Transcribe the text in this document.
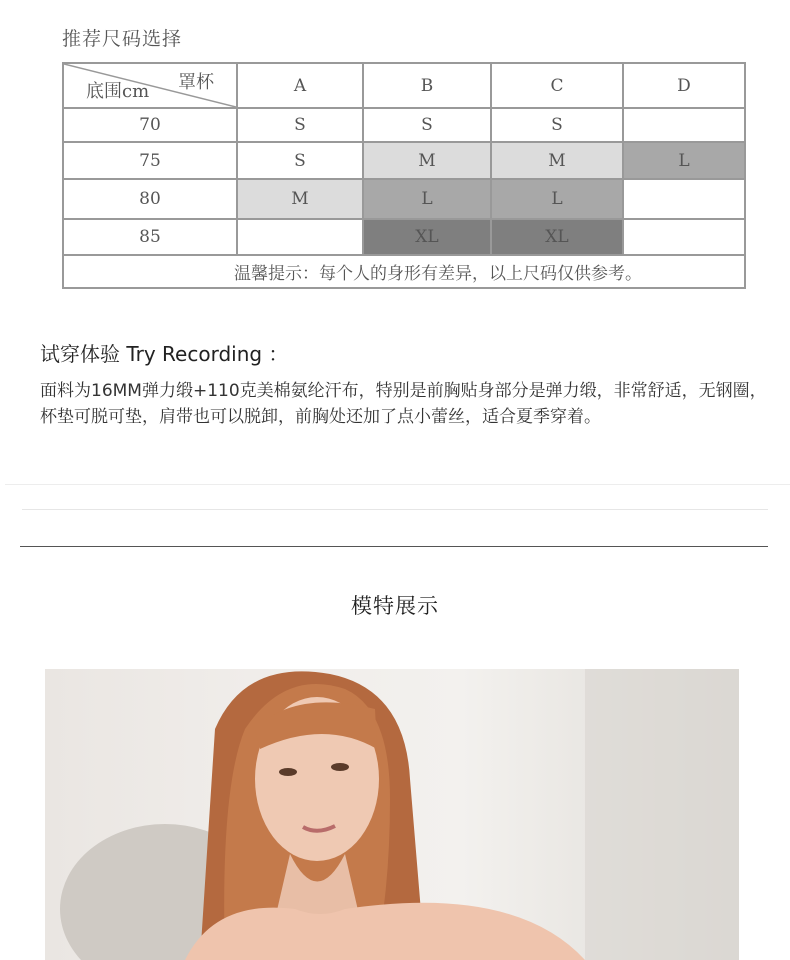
推荐尺码选择
罩杯
底围cm	A	B	C	D
70	S	S	S	
75	S	M	M	L
80	M	L	L	
85		XL	XL	
温馨提示：每个人的身形有差异，以上尺码仅供参考。				
试穿体验 Try Recording ：
面料为16MM弹力缎+110克美棉氨纶汗布，特别是前胸贴身部分是弹力缎，非常舒适，无钢圈，杯垫可脱可垫，肩带也可以脱卸，前胸处还加了点小蕾丝，适合夏季穿着。
模特展示
